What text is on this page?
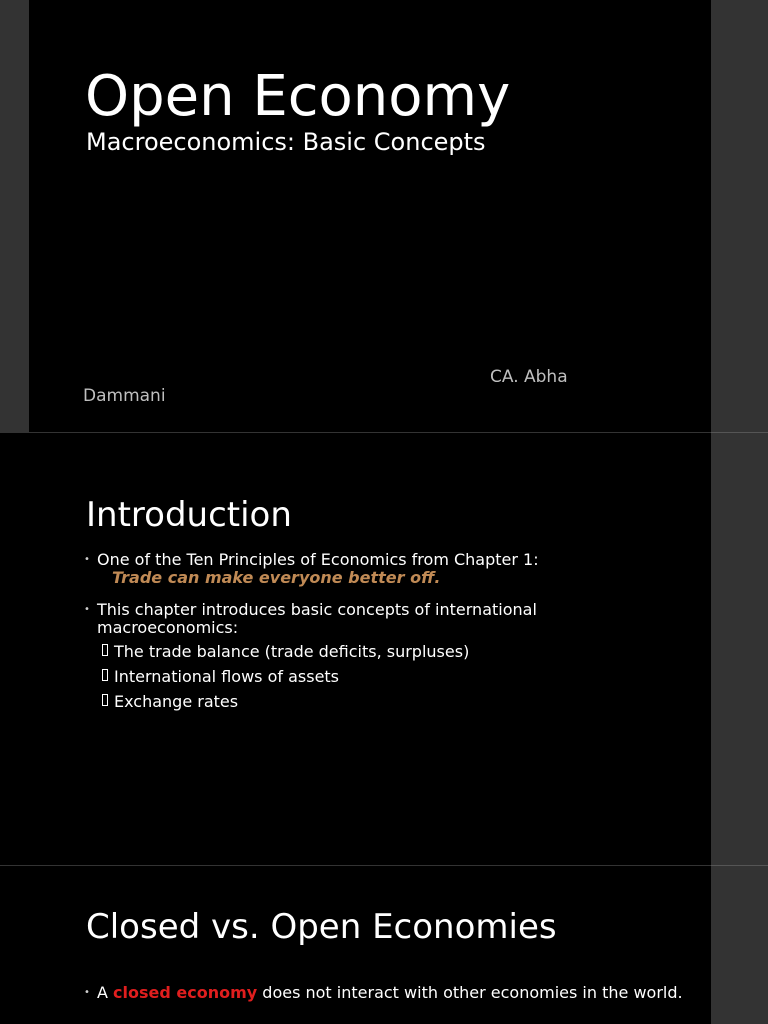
Open Economy
Macroeconomics: Basic Concepts
CA. Abha
Dammani
Introduction
• One of the Ten Principles of Economics from Chapter 1:
Trade can make everyone better off.
• This chapter introduces basic concepts of international macroeconomics:
The trade balance (trade deficits, surpluses)
International flows of assets
Exchange rates
Closed vs. Open Economies
• A closed economy does not interact with other economies in the world.
